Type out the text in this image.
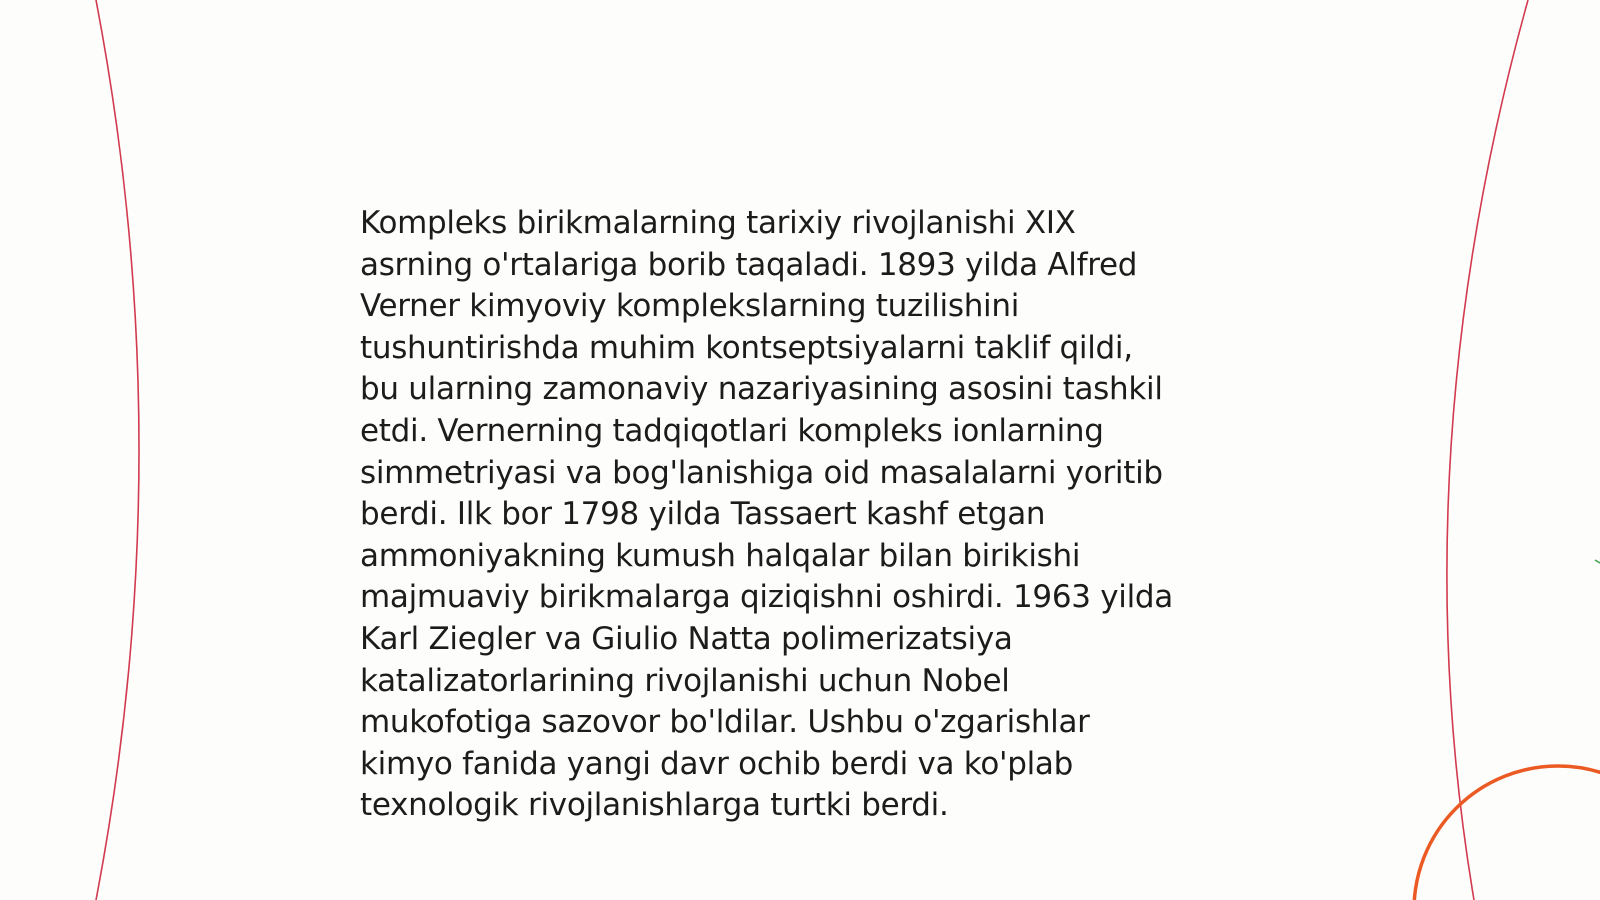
Kompleks birikmalarning tarixiy rivojlanishi XIX
asrning o'rtalariga borib taqaladi. 1893 yilda Alfred
Verner kimyoviy komplekslarning tuzilishini
tushuntirishda muhim kontseptsiyalarni taklif qildi,
bu ularning zamonaviy nazariyasining asosini tashkil
etdi. Vernerning tadqiqotlari kompleks ionlarning
simmetriyasi va bog'lanishiga oid masalalarni yoritib
berdi. Ilk bor 1798 yilda Tassaert kashf etgan
ammoniyakning kumush halqalar bilan birikishi
majmuaviy birikmalarga qiziqishni oshirdi. 1963 yilda
Karl Ziegler va Giulio Natta polimerizatsiya
katalizatorlarining rivojlanishi uchun Nobel
mukofotiga sazovor bo'ldilar. Ushbu o'zgarishlar
kimyo fanida yangi davr ochib berdi va ko'plab
texnologik rivojlanishlarga turtki berdi.
